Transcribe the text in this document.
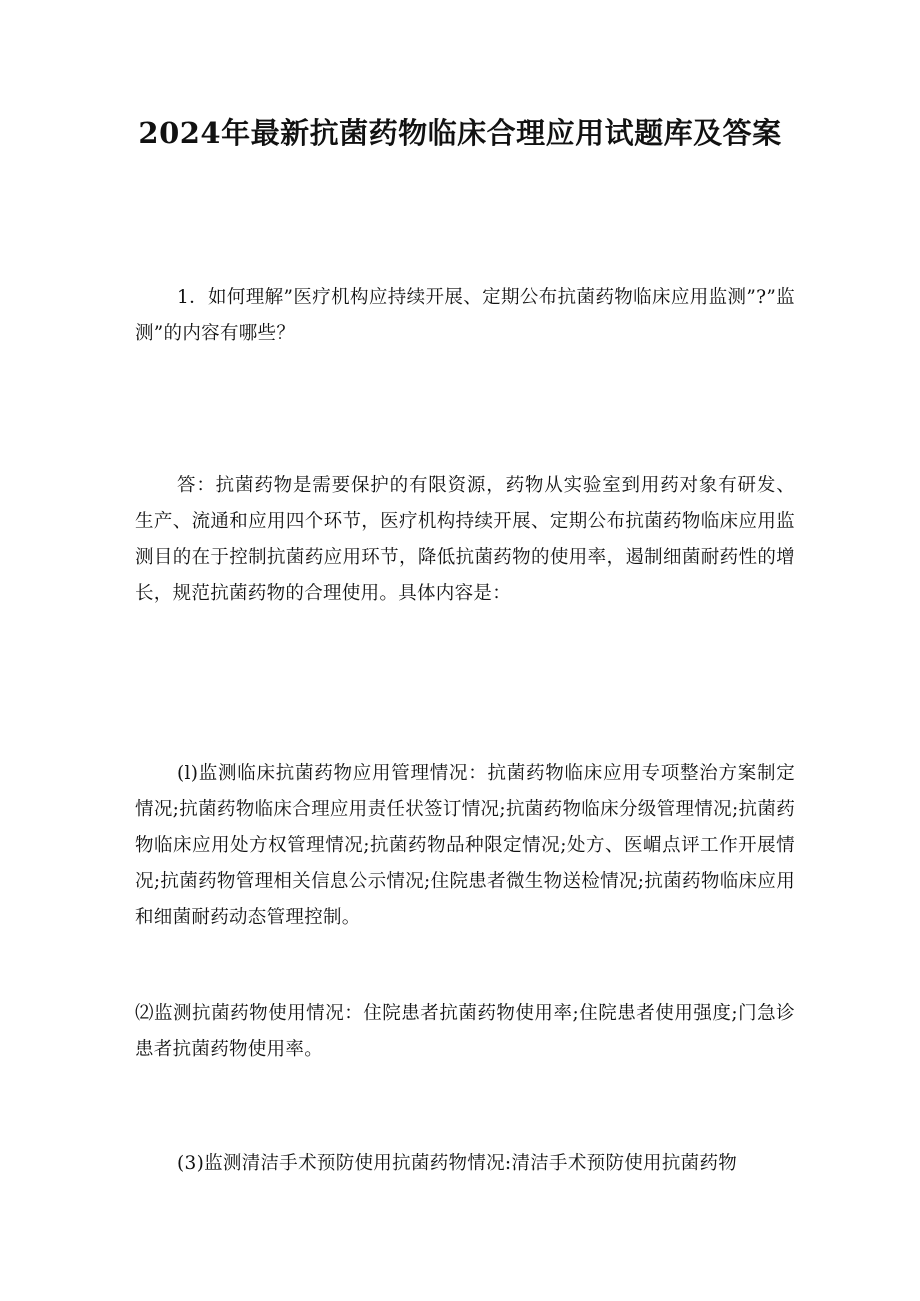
2024年最新抗菌药物临床合理应用试题库及答案
1．如何理解”医疗机构应持续开展、定期公布抗菌药物临床应用监测”?”监测”的内容有哪些？
答：抗菌药物是需要保护的有限资源，药物从实验室到用药对象有研发、生产、流通和应用四个环节，医疗机构持续开展、定期公布抗菌药物临床应用监测目的在于控制抗菌药应用环节，降低抗菌药物的使用率，遏制细菌耐药性的增长，规范抗菌药物的合理使用。具体内容是：
(l)监测临床抗菌药物应用管理情况：抗菌药物临床应用专项整治方案制定情况;抗菌药物临床合理应用责任状签订情况;抗菌药物临床分级管理情况;抗菌药物临床应用处方权管理情况;抗菌药物品种限定情况;处方、医嵋点评工作开展情况;抗菌药物管理相关信息公示情况;住院患者微生物送检情况;抗菌药物临床应用和细菌耐药动态管理控制。
⑵监测抗菌药物使用情况：住院患者抗菌药物使用率;住院患者使用强度;门急诊患者抗菌药物使用率。
(3)监测清洁手术预防使用抗菌药物情况:清洁手术预防使用抗菌药物
